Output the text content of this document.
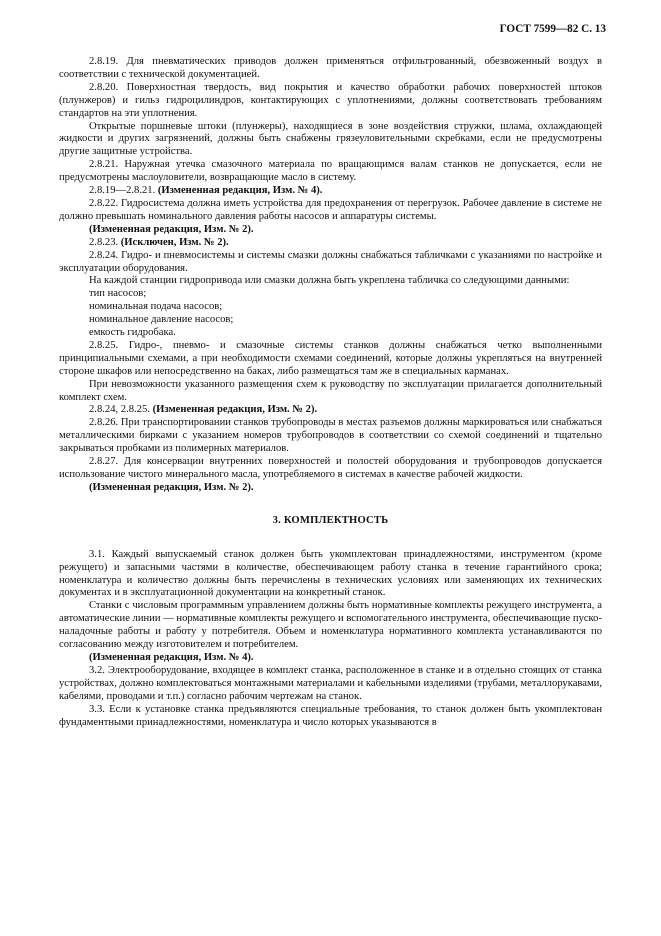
ГОСТ 7599—82 С. 13

2.8.19. Для пневматических приводов должен применяться отфильтрованный, обезвоженный воздух в соответствии с технической документацией.

2.8.20. Поверхностная твердость, вид покрытия и качество обработки рабочих поверхностей штоков (плунжеров) и гильз гидроцилиндров, контактирующих с уплотнениями, должны соответствовать требованиям стандартов на эти уплотнения.

Открытые поршневые штоки (плунжеры), находящиеся в зоне воздействия стружки, шлама, охлаждающей жидкости и других загрязнений, должны быть снабжены грязеуловительными скребками, если не предусмотрены другие защитные устройства.

2.8.21. Наружная утечка смазочного материала по вращающимся валам станков не допускается, если не предусмотрены маслоуловители, возвращающие масло в систему.

2.8.19—2.8.21. (Измененная редакция, Изм. № 4).

2.8.22. Гидросистема должна иметь устройства для предохранения от перегрузок. Рабочее давление в системе не должно превышать номинального давления работы насосов и аппаратуры системы.

(Измененная редакция, Изм. № 2).

2.8.23. (Исключен, Изм. № 2).

2.8.24. Гидро- и пневмосистемы и системы смазки должны снабжаться табличками с указаниями по настройке и эксплуатации оборудования.

На каждой станции гидропривода или смазки должна быть укреплена табличка со следующими данными:

тип насосов;

номинальная подача насосов;

номинальное давление насосов;

емкость гидробака.

2.8.25. Гидро-, пневмо- и смазочные системы станков должны снабжаться четко выполненными принципиальными схемами, а при необходимости схемами соединений, которые должны укрепляться на внутренней стороне шкафов или непосредственно на баках, либо размещаться там же в специальных карманах.

При невозможности указанного размещения схем к руководству по эксплуатации прилагается дополнительный комплект схем.

2.8.24, 2.8.25. (Измененная редакция, Изм. № 2).

2.8.26. При транспортировании станков трубопроводы в местах разъемов должны маркироваться или снабжаться металлическими бирками с указанием номеров трубопроводов в соответствии со схемой соединений и тщательно закрываться пробками из полимерных материалов.

2.8.27. Для консервации внутренних поверхностей и полостей оборудования и трубопроводов допускается использование чистого минерального масла, употребляемого в системах в качестве рабочей жидкости.

(Измененная редакция, Изм. № 2).

3. КОМПЛЕКТНОСТЬ

3.1. Каждый выпускаемый станок должен быть укомплектован принадлежностями, инструментом (кроме режущего) и запасными частями в количестве, обеспечивающем работу станка в течение гарантийного срока; номенклатура и количество должны быть перечислены в технических условиях или заменяющих их технических документах и в эксплуатационной документации на конкретный станок.

Станки с числовым программным управлением должны быть нормативные комплекты режущего инструмента, а автоматические линии — нормативные комплекты режущего и вспомогательного инструмента, обеспечивающие пуско-наладочные работы и работу у потребителя. Объем и номенклатура нормативного комплекта устанавливаются по согласованию между изготовителем и потребителем.

(Измененная редакция, Изм. № 4).

3.2. Электрооборудование, входящее в комплект станка, расположенное в станке и в отдельно стоящих от станка устройствах, должно комплектоваться монтажными материалами и кабельными изделиями (трубами, металлорукавами, кабелями, проводами и т.п.) согласно рабочим чертежам на станок.

3.3. Если к установке станка предъявляются специальные требования, то станок должен быть укомплектован фундаментными принадлежностями, номенклатура и число которых указываются в
